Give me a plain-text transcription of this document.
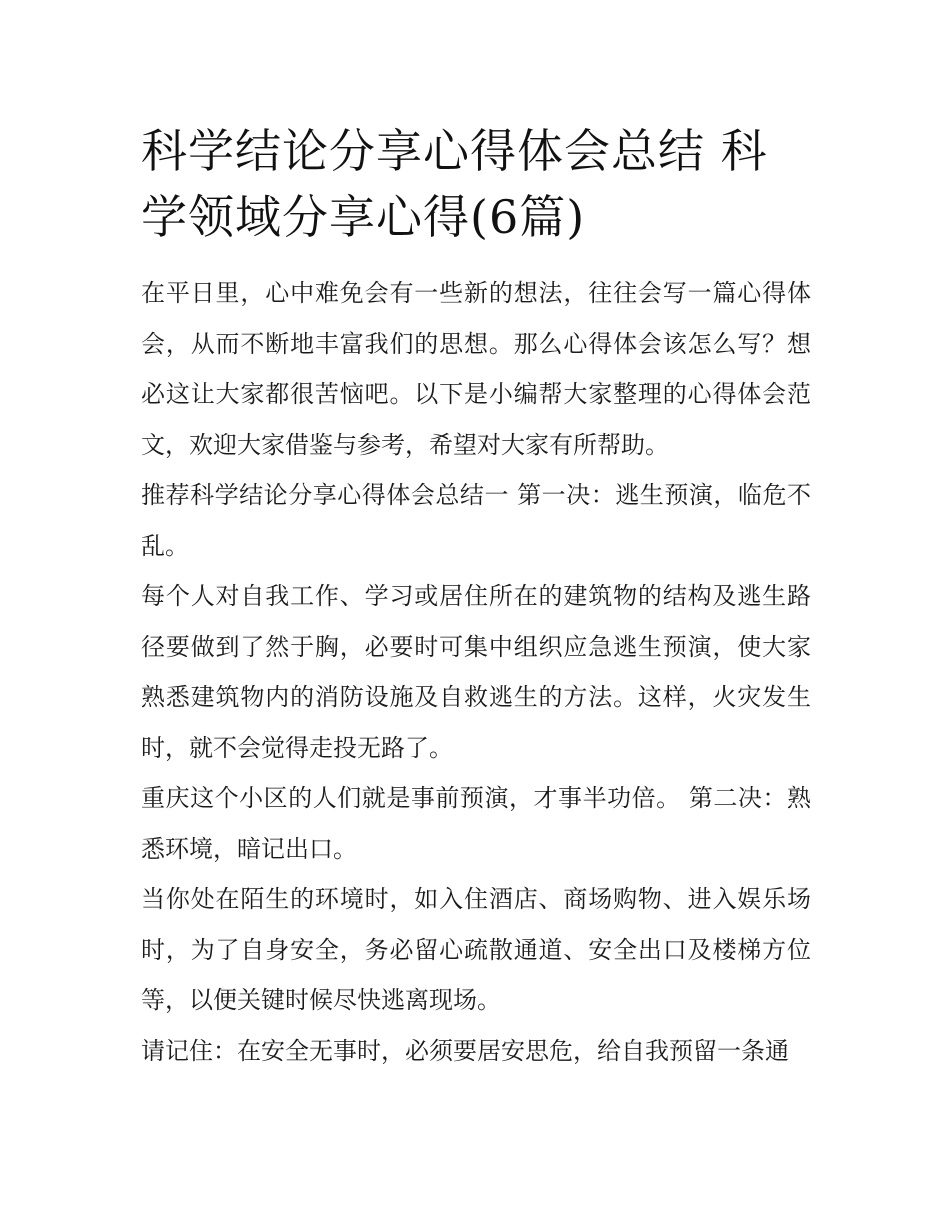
科学结论分享心得体会总结 科学领域分享心得(6篇)

在平日里，心中难免会有一些新的想法，往往会写一篇心得体会，从而不断地丰富我们的思想。那么心得体会该怎么写？想必这让大家都很苦恼吧。以下是小编帮大家整理的心得体会范文，欢迎大家借鉴与参考，希望对大家有所帮助。

推荐科学结论分享心得体会总结一 第一决：逃生预演，临危不乱。

每个人对自我工作、学习或居住所在的建筑物的结构及逃生路径要做到了然于胸，必要时可集中组织应急逃生预演，使大家熟悉建筑物内的消防设施及自救逃生的方法。这样，火灾发生时，就不会觉得走投无路了。

重庆这个小区的人们就是事前预演，才事半功倍。 第二决：熟悉环境，暗记出口。

当你处在陌生的环境时，如入住酒店、商场购物、进入娱乐场时，为了自身安全，务必留心疏散通道、安全出口及楼梯方位等，以便关键时候尽快逃离现场。

请记住：在安全无事时，必须要居安思危，给自我预留一条通
